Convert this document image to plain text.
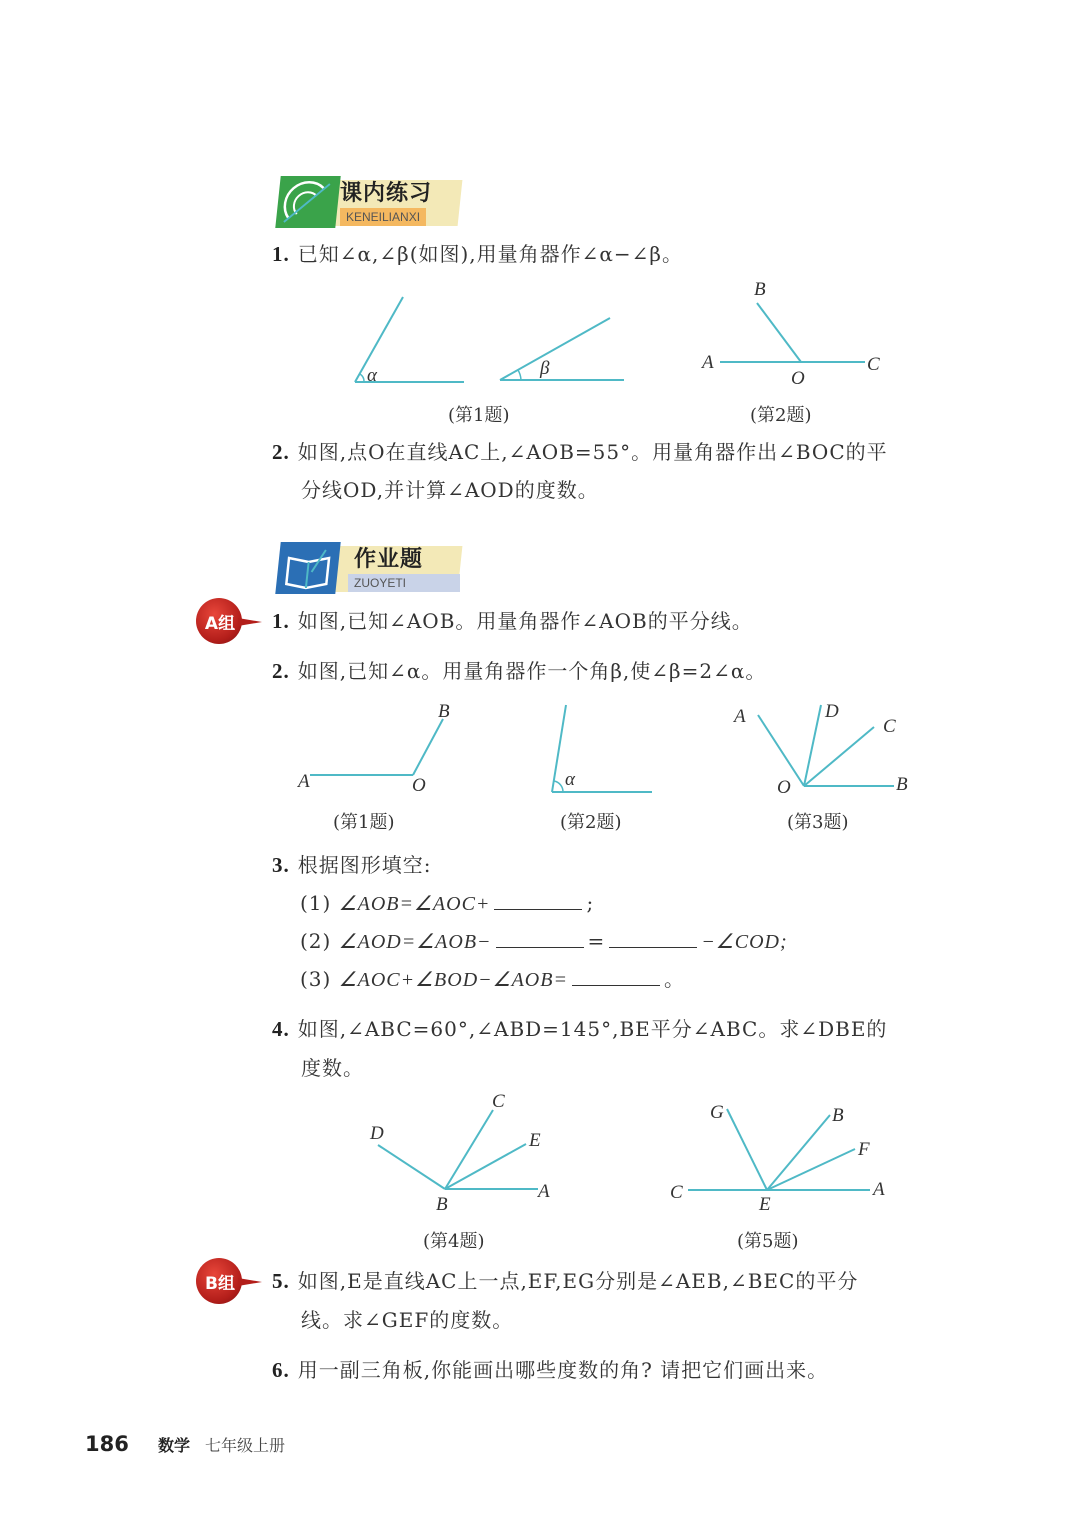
课内练习
KENEILIANXI
1. 已知∠α,∠β(如图),用量角器作∠α−∠β。
α	β
(第1题)
B
A	C
O
(第2题)
2. 如图,点O在直线AC上,∠AOB=55°。用量角器作出∠BOC的平
分线OD,并计算∠AOD的度数。
作业题
ZUOYETI
A组 1. 如图,已知∠AOB。用量角器作∠AOB的平分线。
2. 如图,已知∠α。用量角器作一个角β,使∠β=2∠α。
A	O
B
α
A	D
C
O	B
(第1题)	(第2题)	(第3题)
3. 根据图形填空:
(1) ∠AOB=∠AOC+	;
(2) ∠AOD=∠AOB−	=	−∠COD;
(3) ∠AOC+∠BOD−∠AOB=	。
4. 如图,∠ABC=60°,∠ABD=145°,BE平分∠ABC。求∠DBE的
度数。
C
D	E
B
A
G	B
F
C
E
A
(第4题)	(第5题)
B组 5. 如图,E是直线AC上一点,EF,EG分别是∠AEB,∠BEC的平分
线。求∠GEF的度数。
6. 用一副三角板,你能画出哪些度数的角? 请把它们画出来。
186 数学 七年级上册
